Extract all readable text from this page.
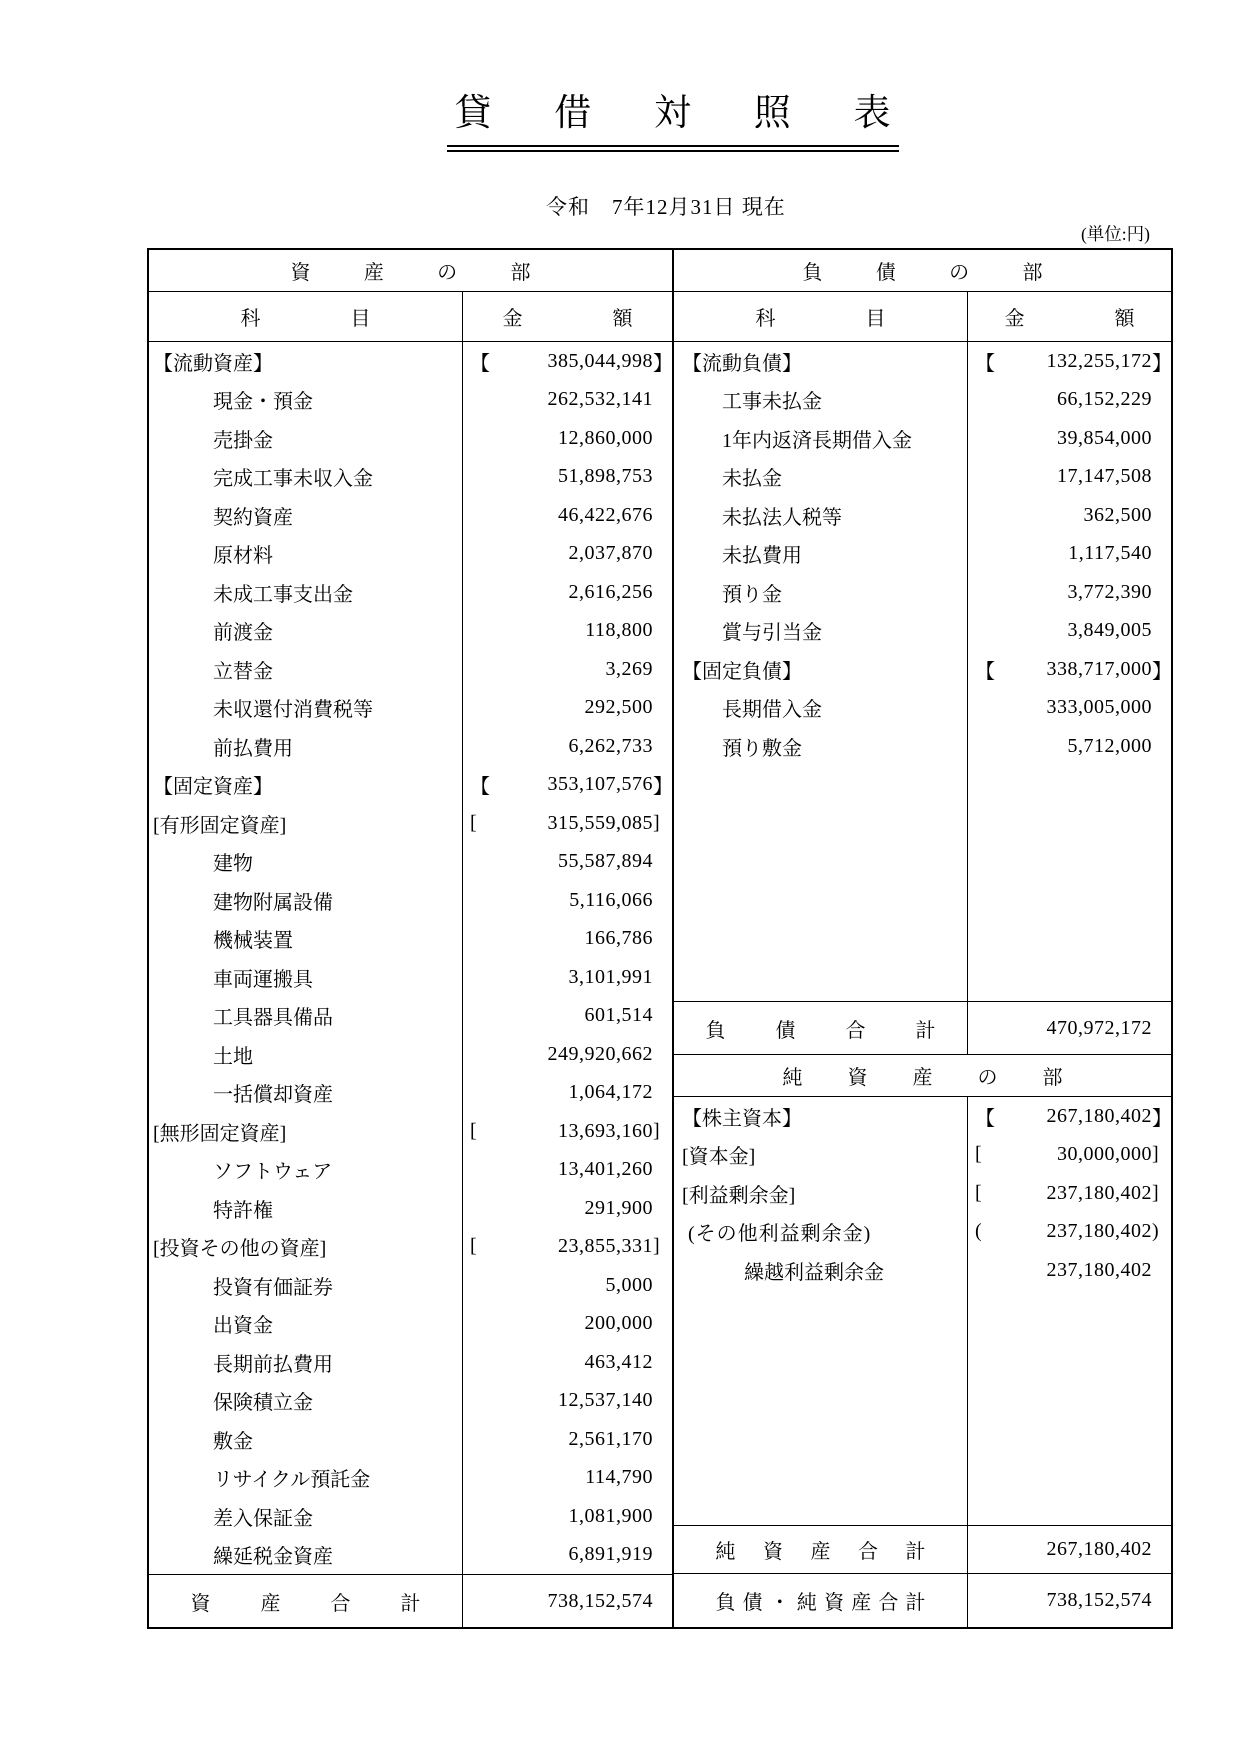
貸 借 対 照 表
令和　7年12月31日 現在
(単位:円)
資	産	の	部
科	目	金	額
【流動資産】	【	385,044,998 】
現金・預金	262,532,141
売掛金	12,860,000
完成工事未収入金	51,898,753
契約資産	46,422,676
原材料	2,037,870
未成工事支出金	2,616,256
前渡金	118,800
立替金	3,269
未収還付消費税等	292,500
前払費用	6,262,733
【固定資産】	【	353,107,576 】
[有形固定資産]	[	315,559,085 ]
建物	55,587,894
建物附属設備	5,116,066
機械装置	166,786
車両運搬具	3,101,991
工具器具備品	601,514
土地	249,920,662
一括償却資産	1,064,172
[無形固定資産]	[	13,693,160 ]
ソフトウェア	13,401,260
特許権	291,900
[投資その他の資産]	[	23,855,331 ]
投資有価証券	5,000
出資金	200,000
長期前払費用	463,412
保険積立金	12,537,140
敷金	2,561,170
リサイクル預託金	114,790
差入保証金	1,081,900
繰延税金資産	6,891,919
資	産	合	計	738,152,574
負	債	の	部
科	目	金	額
【流動負債】	【	132,255,172 】
工事未払金	66,152,229
1年内返済長期借入金	39,854,000
未払金	17,147,508
未払法人税等	362,500
未払費用	1,117,540
預り金	3,772,390
賞与引当金	3,849,005
【固定負債】	【	338,717,000 】
長期借入金	333,005,000
預り敷金	5,712,000
負	債	合	計	470,972,172
純 資 産 の 部
【株主資本】	【	267,180,402 】
[資本金]	[	30,000,000 ]
[利益剰余金]	[	237,180,402 ]
(その他利益剰余金)	(	237,180,402 )
繰越利益剰余金	237,180,402
純 資 産 合 計	267,180,402
負 債 ・ 純 資 産 合 計	738,152,574
